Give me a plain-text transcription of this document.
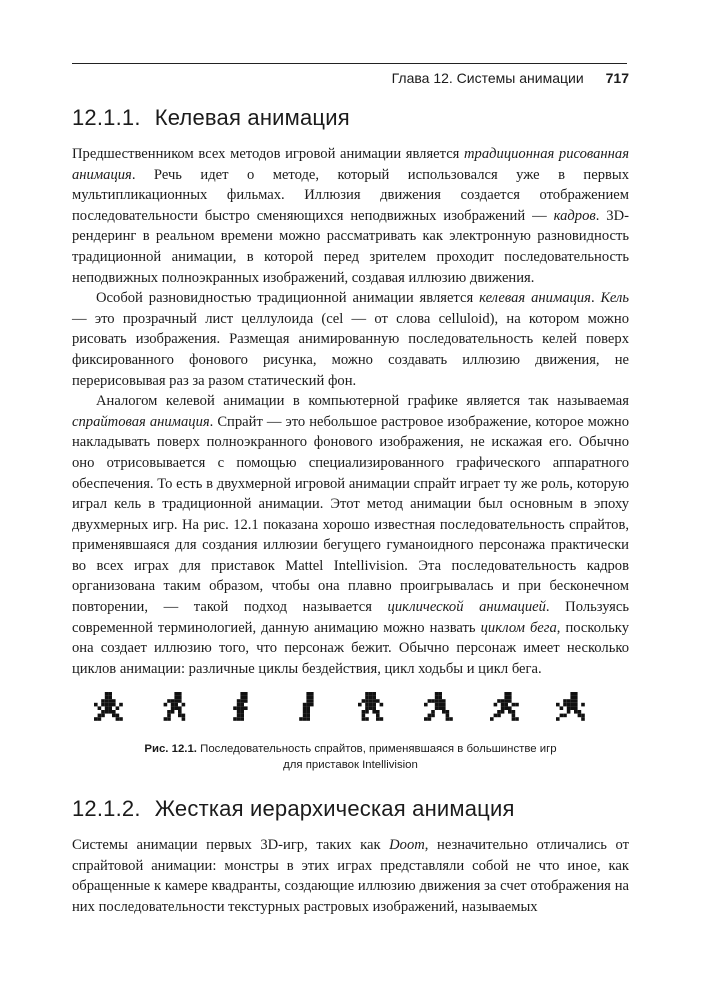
Глава 12. Системы анимации 717
12.1.1. Келевая анимация

Предшественником всех методов игровой анимации является традиционная рисованная анимация. Речь идет о методе, который использовался уже в первых мультипликационных фильмах. Иллюзия движения создается отображением последовательности быстро сменяющихся неподвижных изображений — кадров. 3D-рендеринг в реальном времени можно рассматривать как электронную разновидность традиционной анимации, в которой перед зрителем проходит последовательность неподвижных полноэкранных изображений, создавая иллюзию движения.

Особой разновидностью традиционной анимации является келевая анимация. Кель — это прозрачный лист целлулоида (cel — от слова celluloid), на котором можно рисовать изображения. Размещая анимированную последовательность келей поверх фиксированного фонового рисунка, можно создавать иллюзию движения, не перерисовывая раз за разом статический фон.

Аналогом келевой анимации в компьютерной графике является так называемая спрайтовая анимация. Спрайт — это небольшое растровое изображение, которое можно накладывать поверх полноэкранного фонового изображения, не искажая его. Обычно оно отрисовывается с помощью специализированного графического аппаратного обеспечения. То есть в двухмерной игровой анимации спрайт играет ту же роль, которую играл кель в традиционной анимации. Этот метод анимации был основным в эпоху двухмерных игр. На рис. 12.1 показана хорошо известная последовательность спрайтов, применявшаяся для создания иллюзии бегущего гуманоидного персонажа практически во всех играх для приставок Mattel Intellivision. Эта последовательность кадров организована таким образом, чтобы она плавно проигрывалась и при бесконечном повторении, — такой подход называется циклической анимацией. Пользуясь современной терминологией, данную анимацию можно назвать циклом бега, поскольку она создает иллюзию того, что персонаж бежит. Обычно персонаж имеет несколько циклов анимации: различные циклы бездействия, цикл ходьбы и цикл бега.

Рис. 12.1. Последовательность спрайтов, применявшаяся в большинстве игр
для приставок Intellivision
12.1.2. Жесткая иерархическая анимация

Системы анимации первых 3D-игр, таких как Doom, незначительно отличались от спрайтовой анимации: монстры в этих играх представляли собой не что иное, как обращенные к камере квадранты, создающие иллюзию движения за счет отображения на них последовательности текстурных растровых изображений, называемых
